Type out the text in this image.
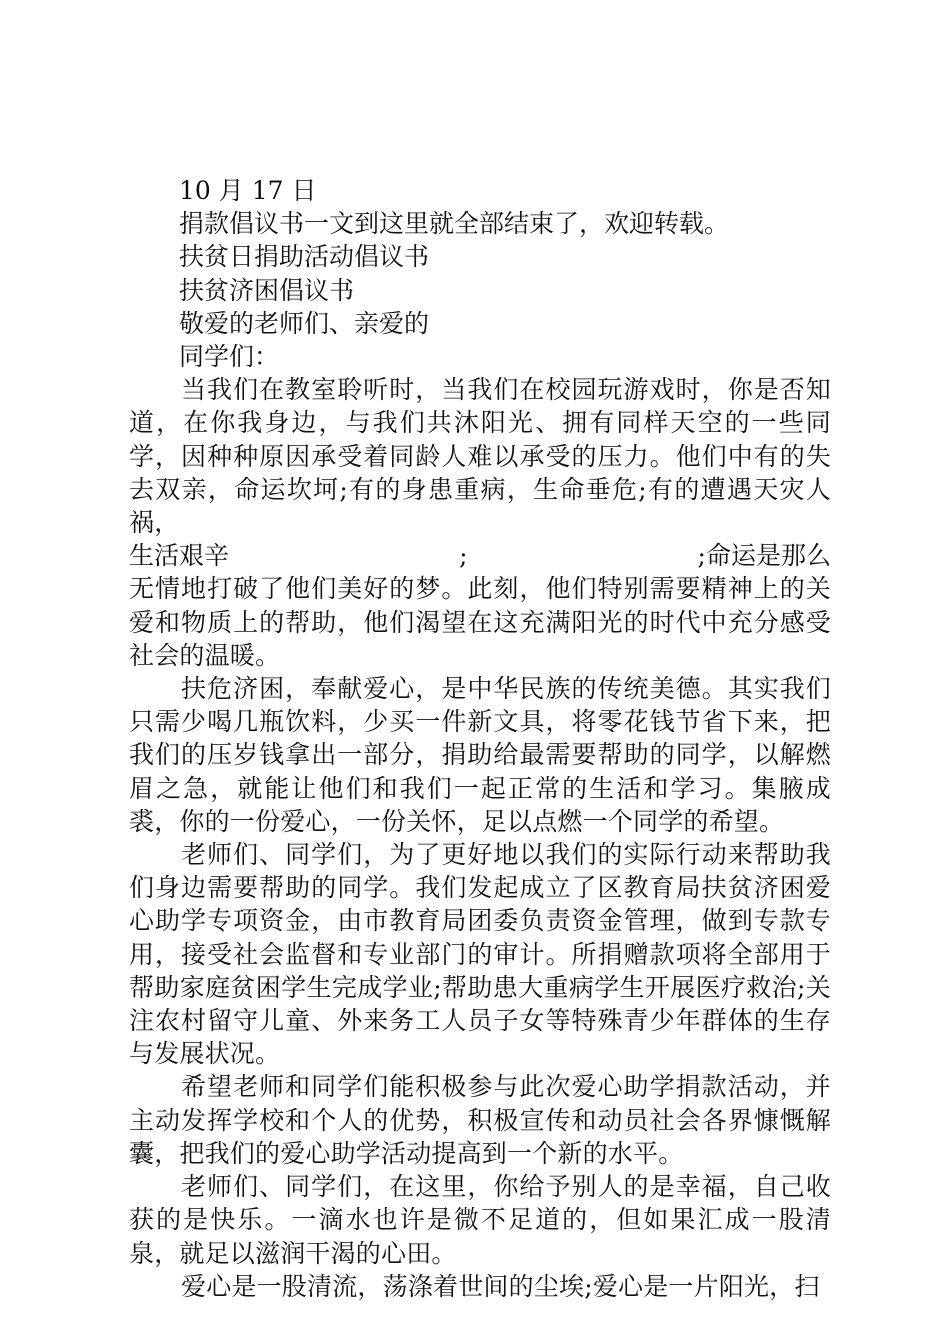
10 月 17 日
捐款倡议书一文到这里就全部结束了，欢迎转载。
扶贫日捐助活动倡议书
扶贫济困倡议书
敬爱的老师们、亲爱的
同学们：
当我们在教室聆听时，当我们在校园玩游戏时，你是否知道，在你我身边，与我们共沐阳光、拥有同样天空的一些同学，因种种原因承受着同龄人难以承受的压力。他们中有的失去双亲，命运坎坷;有的身患重病，生命垂危;有的遭遇天灾人祸，
生活艰辛	;	;命运是那么
无情地打破了他们美好的梦。此刻，他们特别需要精神上的关爱和物质上的帮助，他们渴望在这充满阳光的时代中充分感受社会的温暖。
扶危济困，奉献爱心，是中华民族的传统美德。其实我们只需少喝几瓶饮料，少买一件新文具，将零花钱节省下来，把我们的压岁钱拿出一部分，捐助给最需要帮助的同学，以解燃眉之急，就能让他们和我们一起正常的生活和学习。集腋成裘，你的一份爱心，一份关怀，足以点燃一个同学的希望。
老师们、同学们，为了更好地以我们的实际行动来帮助我们身边需要帮助的同学。我们发起成立了区教育局扶贫济困爱心助学专项资金，由市教育局团委负责资金管理，做到专款专用，接受社会监督和专业部门的审计。所捐赠款项将全部用于帮助家庭贫困学生完成学业;帮助患大重病学生开展医疗救治;关注农村留守儿童、外来务工人员子女等特殊青少年群体的生存与发展状况。
希望老师和同学们能积极参与此次爱心助学捐款活动，并主动发挥学校和个人的优势，积极宣传和动员社会各界慷慨解囊，把我们的爱心助学活动提高到一个新的水平。
老师们、同学们，在这里，你给予别人的是幸福，自己收获的是快乐。一滴水也许是微不足道的，但如果汇成一股清泉，就足以滋润干渴的心田。
爱心是一股清流，荡涤着世间的尘埃;爱心是一片阳光，扫
